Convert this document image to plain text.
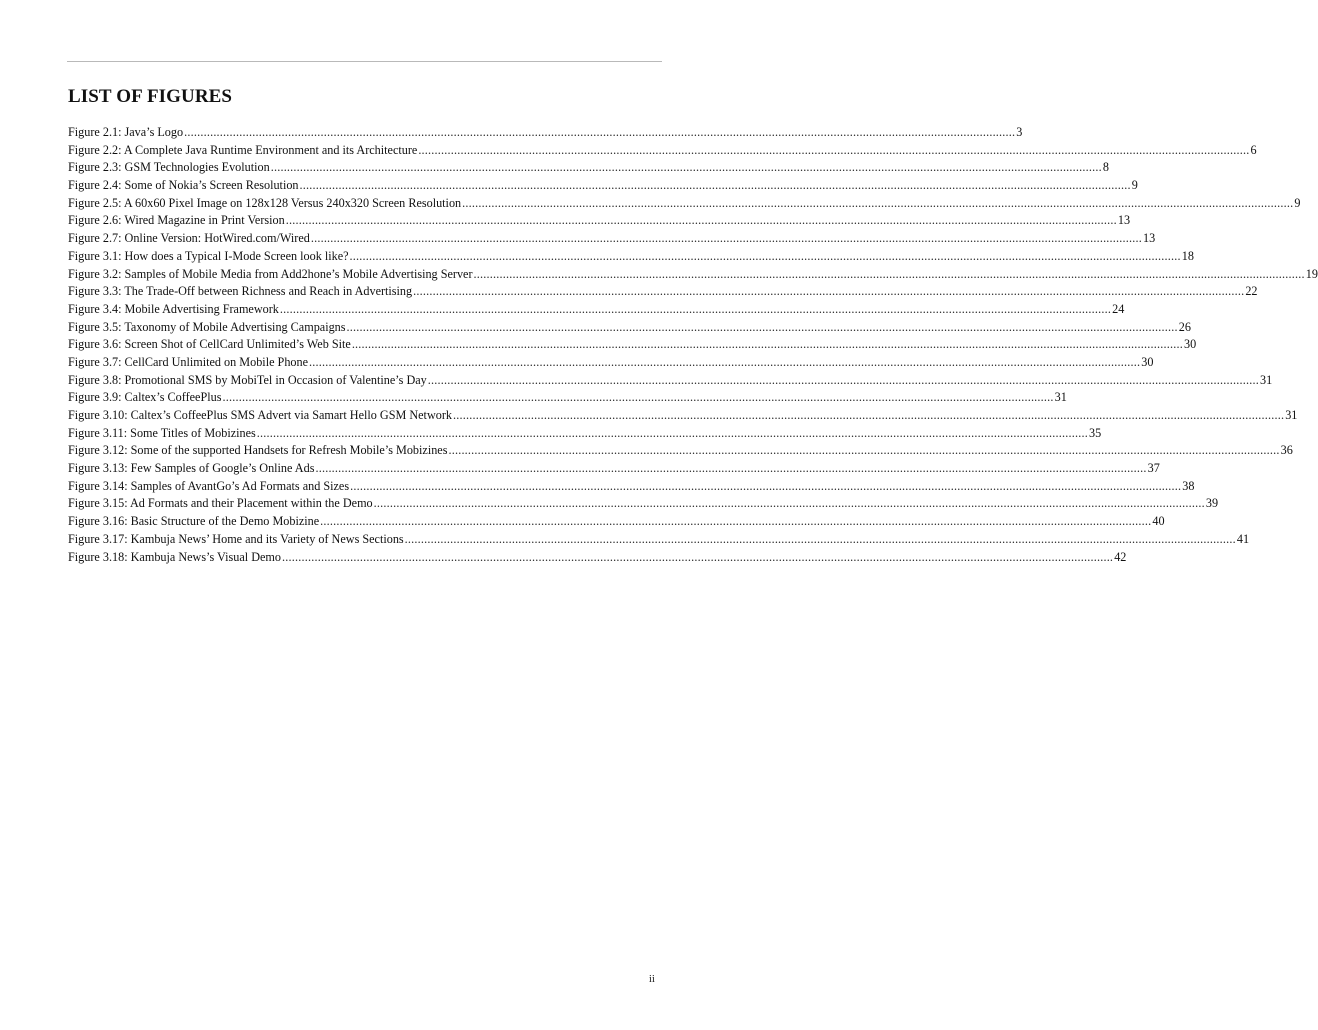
LIST OF FIGURES
Figure 2.1: Java’s Logo .....	3
Figure 2.2: A Complete Java Runtime Environment and its Architecture .....	6
Figure 2.3: GSM Technologies Evolution .....	8
Figure 2.4: Some of Nokia’s Screen Resolution .....	9
Figure 2.5: A 60x60 Pixel Image on 128x128 Versus 240x320 Screen Resolution .....	9
Figure 2.6: Wired Magazine in Print Version .....	13
Figure 2.7: Online Version: HotWired.com/Wired .....	13
Figure 3.1: How does a Typical I-Mode Screen look like? .....	18
Figure 3.2: Samples of Mobile Media from Add2hone’s Mobile Advertising Server .....	19
Figure 3.3: The Trade-Off between Richness and Reach in Advertising .....	22
Figure 3.4: Mobile Advertising Framework .....	24
Figure 3.5: Taxonomy of Mobile Advertising Campaigns .....	26
Figure 3.6: Screen Shot of CellCard Unlimited’s Web Site .....	30
Figure 3.7: CellCard Unlimited on Mobile Phone .....	30
Figure 3.8: Promotional SMS by MobiTel in Occasion of Valentine’s Day .....	31
Figure 3.9: Caltex’s CoffeePlus .....	31
Figure 3.10: Caltex’s CoffeePlus SMS Advert via Samart Hello GSM Network .....	31
Figure 3.11: Some Titles of Mobizines .....	35
Figure 3.12: Some of the supported Handsets for Refresh Mobile’s Mobizines .....	36
Figure 3.13: Few Samples of Google’s Online Ads .....	37
Figure 3.14: Samples of AvantGo’s Ad Formats and Sizes .....	38
Figure 3.15: Ad Formats and their Placement within the Demo .....	39
Figure 3.16: Basic Structure of the Demo Mobizine .....	40
Figure 3.17: Kambuja News’ Home and its Variety of News Sections .....	41
Figure 3.18: Kambuja News’s Visual Demo .....	42
ii
